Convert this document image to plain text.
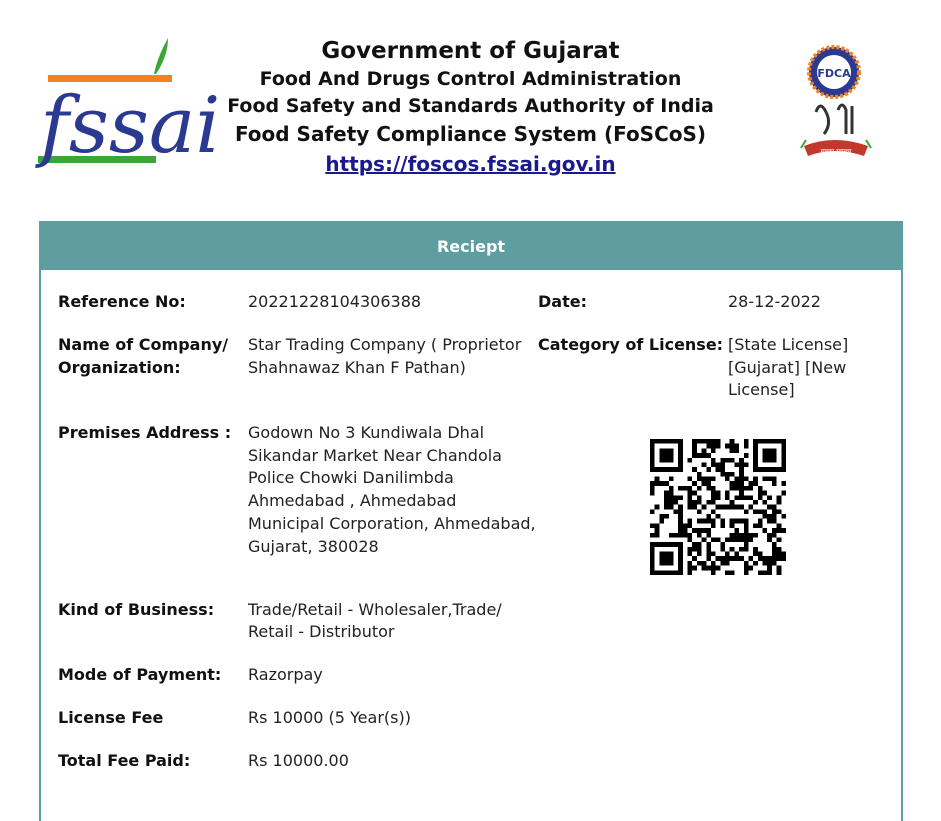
fssai
Government of Gujarat
Food And Drugs Control Administration
Food Safety and Standards Authority of India
Food Safety Compliance System (FoSCoS)
https://foscos.fssai.gov.in
FDCA
सबका स्वास्थ्य
Reciept
Reference No:	20221228104306388	Date:	28-12-2022
Name of Company/
Organization:
Star Trading Company ( Proprietor
Shahnawaz Khan F Pathan)
Category of License: [State License]
[Gujarat] [New
License]
Premises Address : Godown No 3 Kundiwala Dhal
Sikandar Market Near Chandola
Police Chowki Danilimbda
Ahmedabad , Ahmedabad
Municipal Corporation, Ahmedabad,
Gujarat, 380028
Kind of Business: Trade/Retail - Wholesaler,Trade/
Retail - Distributor
Mode of Payment: Razorpay
License Fee	Rs 10000 (5 Year(s))
Total Fee Paid:	Rs 10000.00
